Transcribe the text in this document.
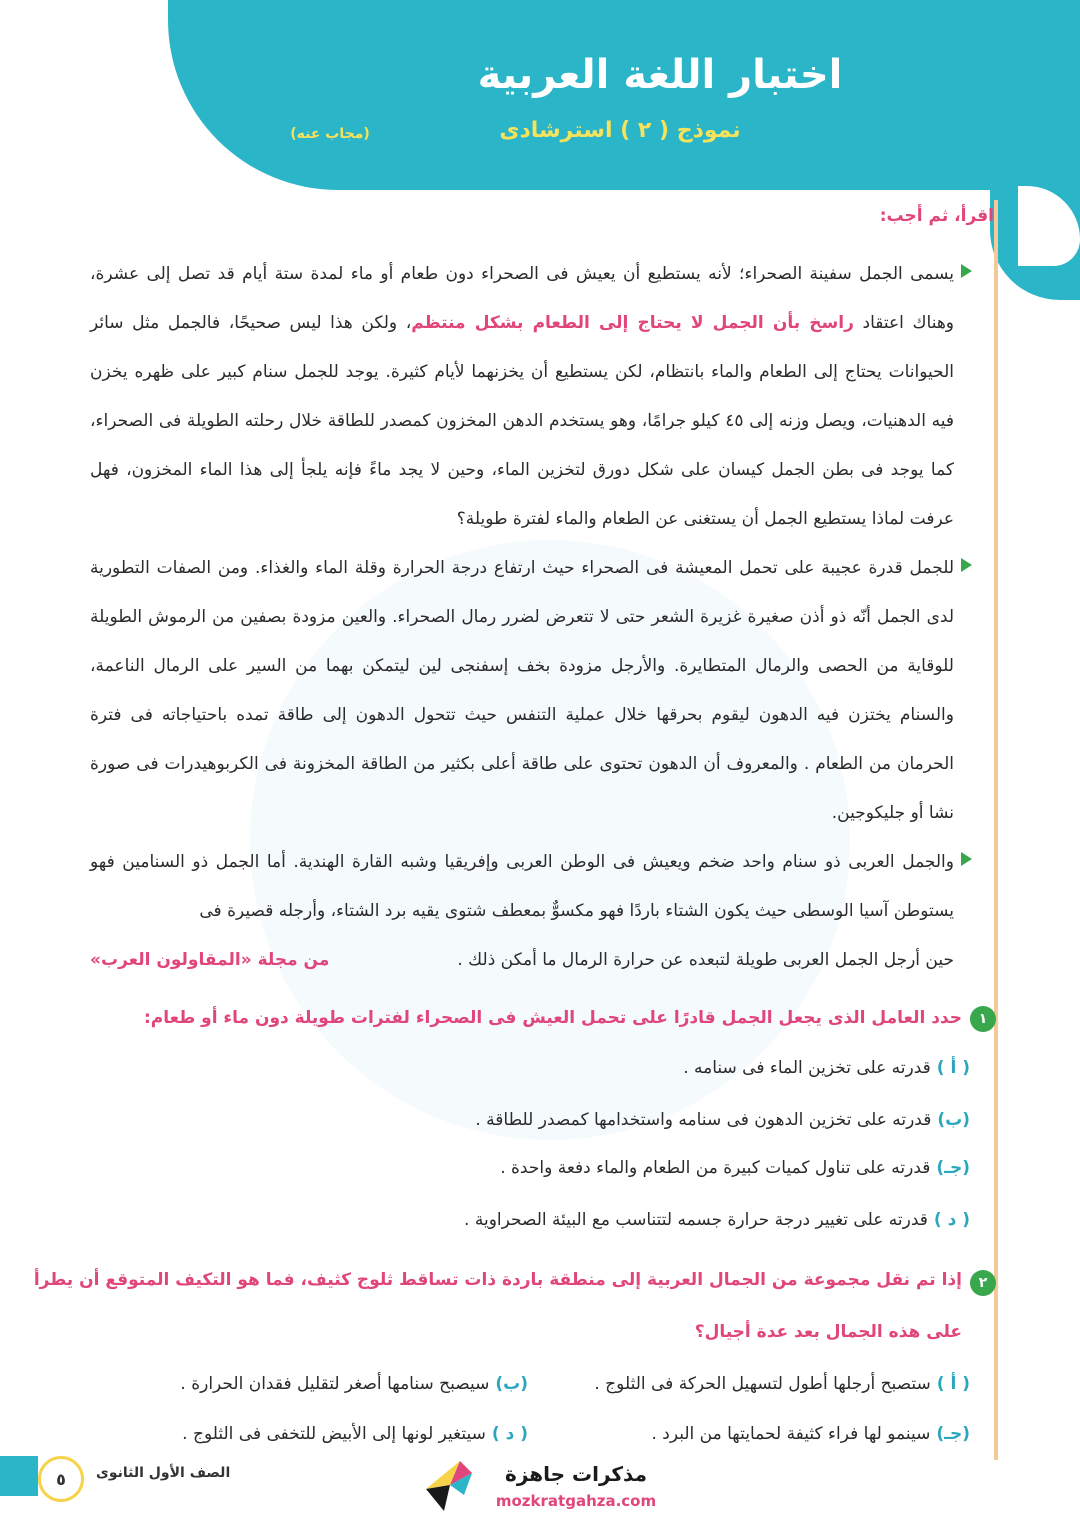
اختبار اللغة العربية
نموذج ( ٢ ) استرشادى
(مجاب عنه)
اقرأ، ثم أجب:

يسمى الجمل سفينة الصحراء؛ لأنه يستطيع أن يعيش فى الصحراء دون طعام أو ماء لمدة ستة أيام قد تصل إلى عشرة، وهناك اعتقاد راسخ بأن الجمل لا يحتاج إلى الطعام بشكل منتظم، ولكن هذا ليس صحيحًا، فالجمل مثل سائر الحيوانات يحتاج إلى الطعام والماء بانتظام، لكن يستطيع أن يخزنهما لأيام كثيرة. يوجد للجمل سنام كبير على ظهره يخزن فيه الدهنيات، ويصل وزنه إلى ٤٥ كيلو جرامًا، وهو يستخدم الدهن المخزون كمصدر للطاقة خلال رحلته الطويلة فى الصحراء، كما يوجد فى بطن الجمل كيسان على شكل دورق لتخزين الماء، وحين لا يجد ماءً فإنه يلجأ إلى هذا الماء المخزون، فهل عرفت لماذا يستطيع الجمل أن يستغنى عن الطعام والماء لفترة طويلة؟

للجمل قدرة عجيبة على تحمل المعيشة فى الصحراء حيث ارتفاع درجة الحرارة وقلة الماء والغذاء. ومن الصفات التطورية لدى الجمل أنّه ذو أذن صغيرة غزيرة الشعر حتى لا تتعرض لضرر رمال الصحراء. والعين مزودة بصفين من الرموش الطويلة للوقاية من الحصى والرمال المتطايرة. والأرجل مزودة بخف إسفنجى لين ليتمكن بهما من السير على الرمال الناعمة، والسنام يختزن فيه الدهون ليقوم بحرقها خلال عملية التنفس حيث تتحول الدهون إلى طاقة تمده باحتياجاته فى فترة الحرمان من الطعام . والمعروف أن الدهون تحتوى على طاقة أعلى بكثير من الطاقة المخزونة فى الكربوهيدرات فى صورة نشا أو جليكوجين.

والجمل العربى ذو سنام واحد ضخم ويعيش فى الوطن العربى وإفريقيا وشبه القارة الهندية. أما الجمل ذو السنامين فهو يستوطن آسيا الوسطى حيث يكون الشتاء باردًا فهو مكسوٌّ بمعطف شتوى يقيه برد الشتاء، وأرجله قصيرة فى

حين أرجل الجمل العربى طويلة لتبعده عن حرارة الرمال ما أمكن ذلك .
من مجلة «المقاولون العرب»
١
حدد العامل الذى يجعل الجمل قادرًا على تحمل العيش فى الصحراء لفترات طويلة دون ماء أو طعام:
( أ )قدرته على تخزين الماء فى سنامه .
(ب)قدرته على تخزين الدهون فى سنامه واستخدامها كمصدر للطاقة .
(جـ)قدرته على تناول كميات كبيرة من الطعام والماء دفعة واحدة .
( د )قدرته على تغيير درجة حرارة جسمه لتتناسب مع البيئة الصحراوية .
٢
إذا تم نقل مجموعة من الجمال العربية إلى منطقة باردة ذات تساقط ثلوج كثيف، فما هو التكيف المتوقع أن يطرأ
على هذه الجمال بعد عدة أجيال؟
( أ )ستصبح أرجلها أطول لتسهيل الحركة فى الثلوج .
(ب)سيصبح سنامها أصغر لتقليل فقدان الحرارة .
(جـ)سينمو لها فراء كثيفة لحمايتها من البرد .
( د )سيتغير لونها إلى الأبيض للتخفى فى الثلوج .
٥	الصف الأول الثانوى	مذكرات جاهزة
mozkratgahza.com
